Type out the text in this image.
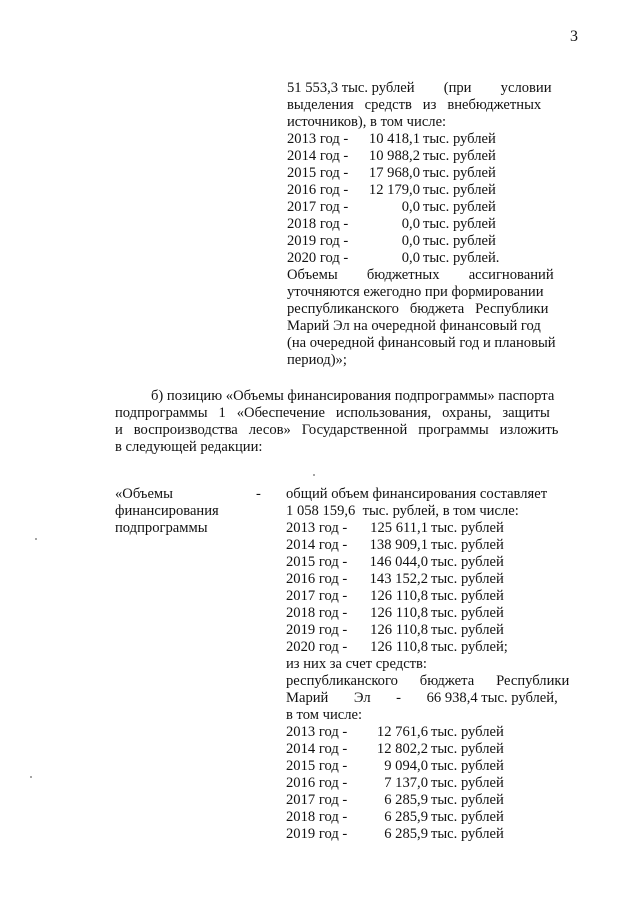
3
51 553,3 тыс. рублей        (при        условии
выделения   средств   из   внебюджетных
источников), в том числе:
2013 год -	10 418,1 тыс. рублей
2014 год -	10 988,2 тыс. рублей
2015 год -	17 968,0 тыс. рублей
2016 год -	12 179,0 тыс. рублей
2017 год -	0,0 тыс. рублей
2018 год -	0,0 тыс. рублей
2019 год -	0,0 тыс. рублей
2020 год -	0,0 тыс. рублей.
Объемы        бюджетных        ассигнований
уточняются ежегодно при формировании
республиканского   бюджета   Республики
Марий Эл на очередной финансовый год
(на очередной финансовый год и плановый
период)»;
б) позицию «Объемы финансирования подпрограммы» паспорта
подпрограммы   1   «Обеспечение   использования,   охраны,   защиты
и   воспроизводства   лесов»   Государственной   программы   изложить
в следующей редакции:
«Объемы
финансирования
подпрограммы
- общий объем финансирования составляет
1 058 159,6  тыс. рублей, в том числе:
2013 год -	125 611,1 тыс. рублей
2014 год -	138 909,1 тыс. рублей
2015 год -	146 044,0 тыс. рублей
2016 год -	143 152,2 тыс. рублей
2017 год -	126 110,8 тыс. рублей
2018 год -	126 110,8 тыс. рублей
2019 год -	126 110,8 тыс. рублей
2020 год -	126 110,8 тыс. рублей;
из них за счет средств:
республиканского      бюджета      Республики
Марий       Эл       -       66 938,4 тыс. рублей,
в том числе:
2013 год -	12 761,6 тыс. рублей
2014 год -	12 802,2 тыс. рублей
2015 год -	9 094,0 тыс. рублей
2016 год -	7 137,0 тыс. рублей
2017 год -	6 285,9 тыс. рублей
2018 год -	6 285,9 тыс. рублей
2019 год -	6 285,9 тыс. рублей
